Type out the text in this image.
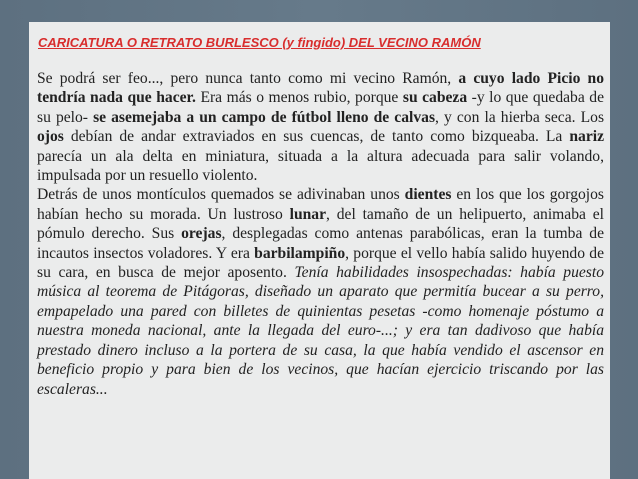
CARICATURA O RETRATO BURLESCO (y fingido) DEL VECINO RAMÓN

Se podrá ser feo..., pero nunca tanto como mi vecino Ramón, a cuyo lado Picio no tendría nada que hacer. Era más o menos rubio, porque su cabeza -y lo que quedaba de su pelo- se asemejaba a un campo de fútbol lleno de calvas, y con la hierba seca. Los ojos debían de andar extraviados en sus cuencas, de tanto como bizqueaba. La nariz parecía un ala delta en miniatura, situada a la altura adecuada para salir volando, impulsada por un resuello violento.
Detrás de unos montículos quemados se adivinaban unos dientes en los que los gorgojos habían hecho su morada. Un lustroso lunar, del tamaño de un helipuerto, animaba el pómulo derecho. Sus orejas, desplegadas como antenas parabólicas, eran la tumba de incautos insectos voladores. Y era barbilampiño, porque el vello había salido huyendo de su cara, en busca de mejor aposento. Tenía habilidades insospechadas: había puesto música al teorema de Pitágoras, diseñado un aparato que permitía bucear a su perro, empapelado una pared con billetes de quinientas pesetas -como homenaje póstumo a nuestra moneda nacional, ante la llegada del euro-...; y era tan dadivoso que había prestado dinero incluso a la portera de su casa, la que había vendido el ascensor en beneficio propio y para bien de los vecinos, que hacían ejercicio triscando por las escaleras...
